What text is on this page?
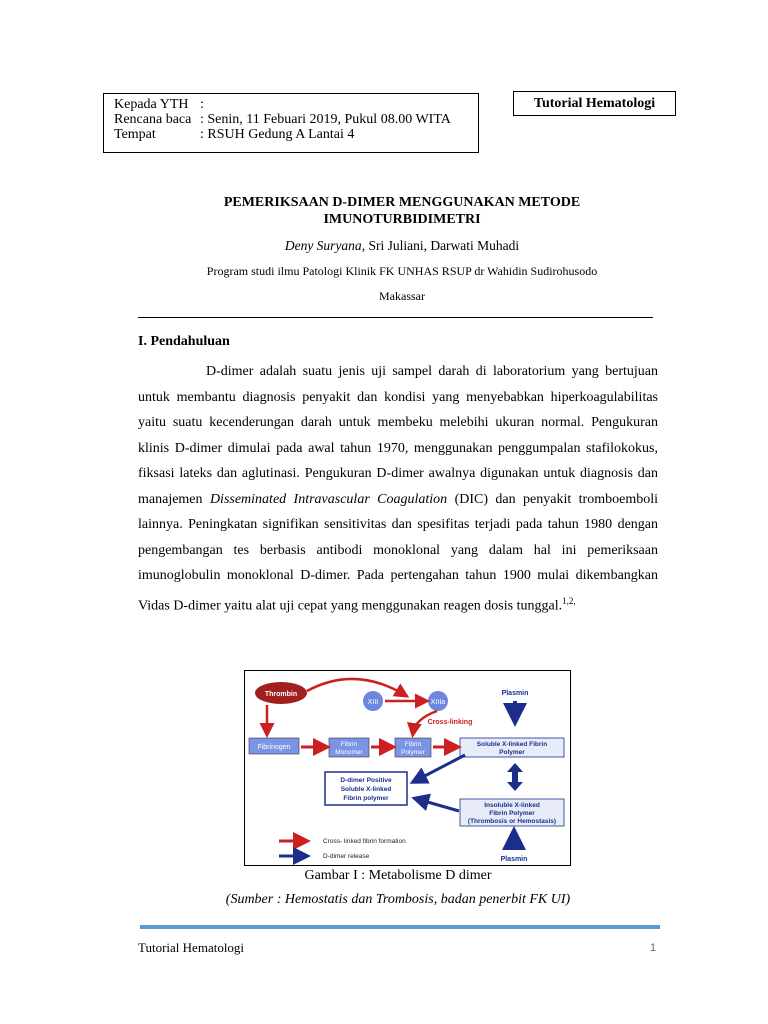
Kepada YTH :
Rencana baca : Senin, 11 Febuari 2019, Pukul 08.00 WITA
Tempat	: RSUH Gedung A Lantai 4
Tutorial Hematologi
PEMERIKSAAN D-DIMER MENGGUNAKAN METODE
IMUNOTURBIDIMETRI
Deny Suryana, Sri Juliani, Darwati Muhadi
Program studi ilmu Patologi Klinik FK UNHAS RSUP dr Wahidin Sudirohusodo
Makassar
I. Pendahuluan

D-dimer adalah suatu jenis uji sampel darah di laboratorium yang bertujuan untuk membantu diagnosis penyakit dan kondisi yang menyebabkan hiperkoagulabilitas yaitu suatu kecenderungan darah untuk membeku melebihi ukuran normal. Pengukuran klinis D-dimer dimulai pada awal tahun 1970, menggunakan penggumpalan stafilokokus, fiksasi lateks dan aglutinasi. Pengukuran D-dimer awalnya digunakan untuk diagnosis dan manajemen Disseminated Intravascular Coagulation (DIC) dan penyakit tromboemboli lainnya. Peningkatan signifikan sensitivitas dan spesifitas terjadi pada tahun 1980 dengan pengembangan tes berbasis antibodi monoklonal yang dalam hal ini pemeriksaan imunoglobulin monoklonal D-dimer. Pada pertengahan tahun 1900 mulai dikembangkan Vidas D-dimer yaitu alat uji cepat yang menggunakan reagen dosis tunggal.$^{1,2,}$

Thrombin
XIII	XIIIa
Plasmin
Cross-linking
Fibrinogen	Fibrin
Monomer
Fibrin
Polymer
Soluble X-linked Fibrin
Polymer
D-dimer Positive
Soluble X-linked
Fibrin polymer
Insoluble X-linked
Fibrin Polymer
(Thrombosis or Hemostasis)
Cross- linked fibrin formation
D-dimer release	Plasmin
Gambar I : Metabolisme D dimer
(Sumber : Hemostatis dan Trombosis, badan penerbit FK UI)
Tutorial Hematologi	1
